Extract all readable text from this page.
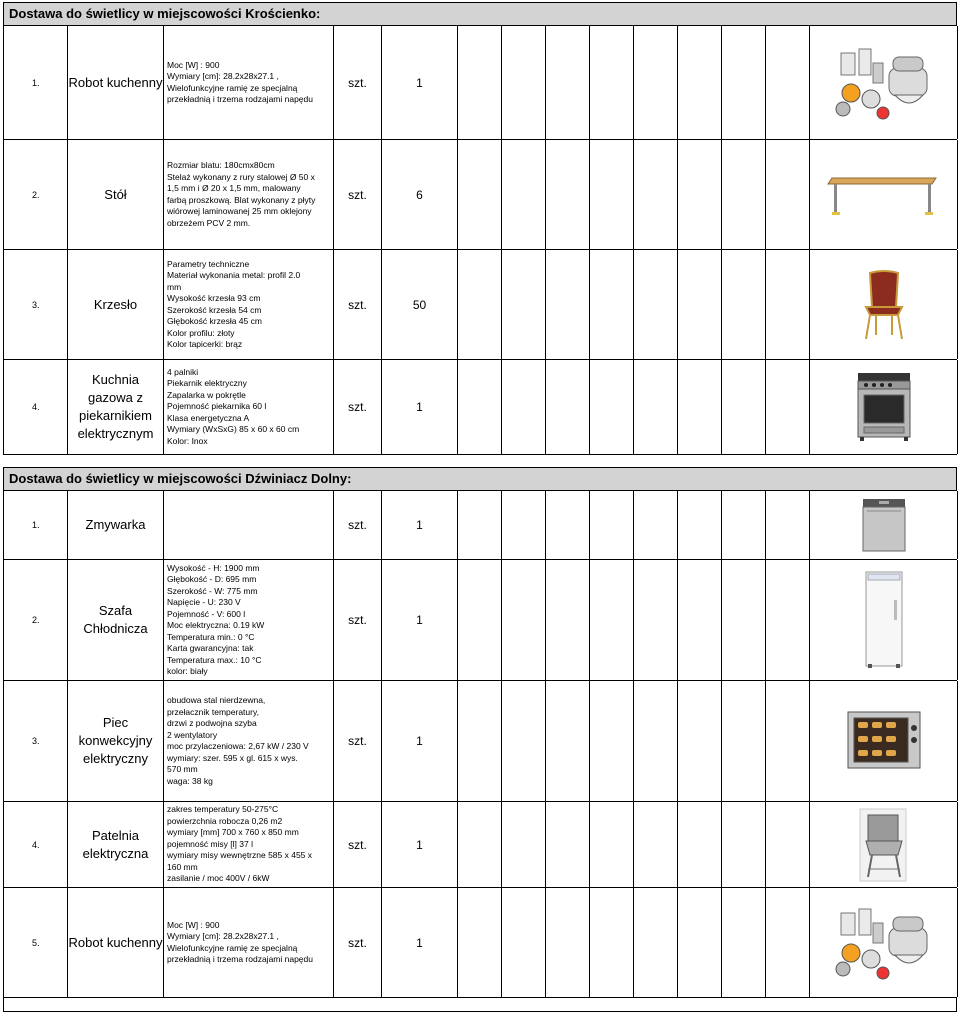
Dostawa do świetlicy w miejscowości Krościenko:
1.	Robot kuchenny
Moc [W] : 900
Wymiary [cm]: 28.2x28x27.1 ,
Wielofunkcyjne ramię ze specjalną
przekładnią i trzema rodzajami napędu
szt.	1
2.	Stół
Rozmiar blatu: 180cmx80cm
Stelaż wykonany z rury stalowej Ø 50 x
1,5 mm i Ø 20 x 1,5 mm, malowany
farbą proszkową. Blat wykonany z płyty
wiórowej laminowanej 25 mm oklejony
obrzeżem PCV 2 mm.
szt.	6
3.	Krzesło
Parametry techniczne
Materiał wykonania metal: profil 2.0
mm
Wysokość krzesła 93 cm
Szerokość krzesła 54 cm
Głębokość krzesła 45 cm
Kolor profilu: złoty
Kolor tapicerki: brąz
szt.	50
4.
Kuchnia gazowa z piekarnikiem elektrycznym
4 palniki
Piekarnik elektryczny
Zapalarka w pokrętle
Pojemność piekarnika 60 l
Klasa energetyczna A
Wymiary (WxSxG) 85 x 60 x 60 cm
Kolor: Inox
szt.	1
Dostawa do świetlicy w miejscowości Dźwiniacz Dolny:
1.	Zmywarka	szt.	1
2.
Szafa Chłodnicza
Wysokość - H: 1900 mm
Głębokość - D: 695 mm
Szerokość - W: 775 mm
Napięcie - U: 230 V
Pojemność - V: 600 l
Moc elektryczna: 0.19 kW
Temperatura min.: 0 °C
Karta gwarancyjna: tak
Temperatura max.: 10 °C
kolor: biały
szt.	1
3.
Piec konwekcyjny elektryczny
obudowa stal nierdzewna,
przełacznik temperatury,
drzwi z podwojna szyba
2 wentylatory
moc przylaczeniowa: 2,67 kW / 230 V
wymiary: szer. 595 x gl. 615 x wys.
570 mm
waga: 38 kg
szt.	1
4.
Patelnia elektryczna
zakres temperatury 50-275°C
powierzchnia robocza 0,26 m2
wymiary [mm] 700 x 760 x 850 mm
pojemność misy [l] 37 l
wymiary misy wewnętrzne 585 x 455 x
160 mm
zasilanie / moc 400V / 6kW
szt.	1
5.	Robot kuchenny
Moc [W] : 900
Wymiary [cm]: 28.2x28x27.1 ,
Wielofunkcyjne ramię ze specjalną
przekładnią i trzema rodzajami napędu
szt.	1
